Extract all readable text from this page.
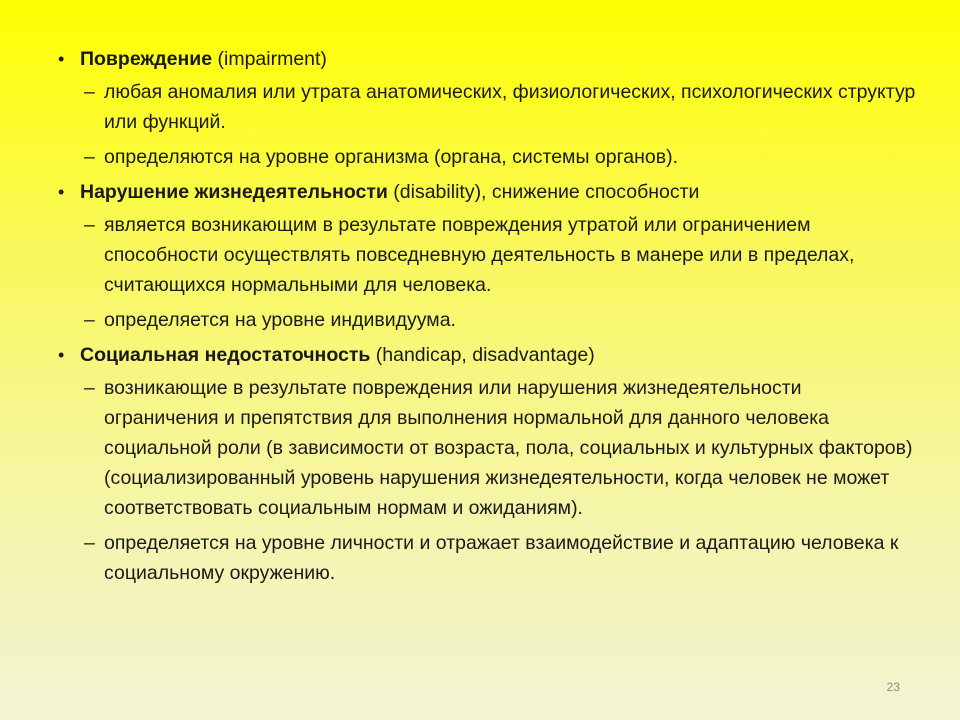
• Повреждение (impairment)
– любая аномалия или утрата анатомических, физиологических, психологических структур или функций.
– определяются на уровне организма (органа, системы органов).
• Нарушение жизнедеятельности (disability), снижение способности
– является возникающим в результате повреждения утратой или ограничением способности осуществлять повседневную деятельность в манере или в пределах, считающихся нормальными для человека.
– определяется на уровне индивидуума.
• Социальная недостаточность (handicap, disadvantage)
– возникающие в результате повреждения или нарушения жизнедеятельности ограничения и препятствия для выполнения нормальной для данного человека социальной роли (в зависимости от возраста, пола, социальных и культурных факторов) (социализированный уровень нарушения жизнедеятельности, когда человек не может соответствовать социальным нормам и ожиданиям).
– определяется на уровне личности и отражает взаимодействие и адаптацию человека к социальному окружению.
23
